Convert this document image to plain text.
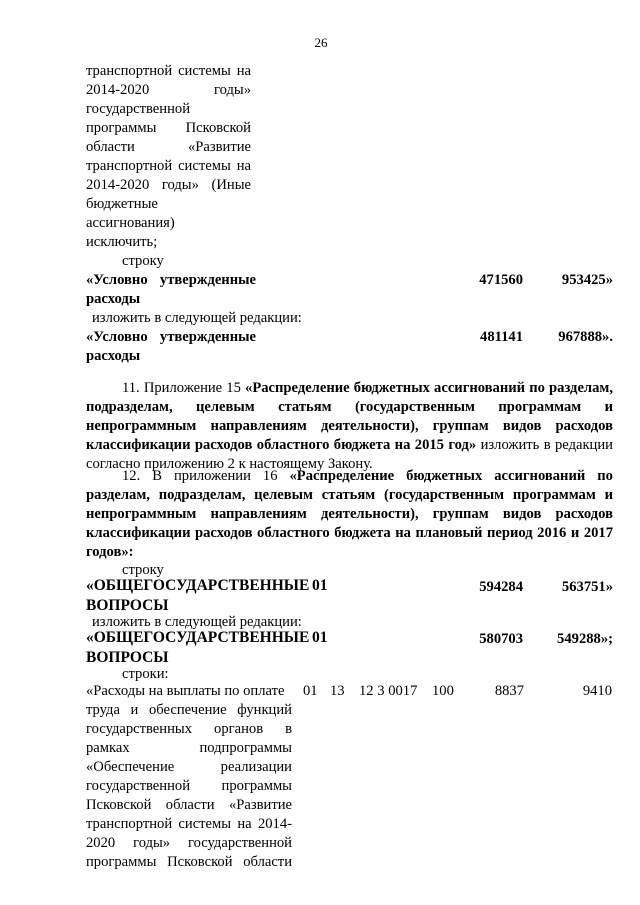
26
транспортной системы на
2014-2020 годы»
государственной
программы Псковской
области «Развитие
транспортной системы на
2014-2020 годы» (Иные
бюджетные
ассигнования)
исключить;
строку
«Условно утвержденные	471560	953425»
расходы
изложить в следующей редакции:
«Условно утвержденные	481141	967888».
расходы
11. Приложение 15 «Распределение бюджетных ассигнований по разделам, подразделам, целевым статьям (государственным программам и непрограммным направлениям деятельности), группам видов расходов классификации расходов областного бюджета на 2015 год» изложить в редакции согласно приложению 2 к настоящему Закону.
12. В приложении 16 «Распределение бюджетных ассигнований по разделам, подразделам, целевым статьям (государственным программам и непрограммным направлениям деятельности), группам видов расходов классификации расходов областного бюджета на плановый период 2016 и 2017 годов»:
строку
«ОБЩЕГОСУДАРСТВЕННЫЕ 01	594284	563751»
ВОПРОСЫ
изложить в следующей редакции:
«ОБЩЕГОСУДАРСТВЕННЫЕ 01	580703	549288»;
ВОПРОСЫ
строки:
«Расходы на выплаты по оплате 01 13 12 3 0017 100	8837	9410
труда и обеспечение функций
государственных органов в
рамках подпрограммы
«Обеспечение реализации
государственной программы
Псковской области «Развитие
транспортной системы на 2014-
2020 годы» государственной
программы Псковской области
